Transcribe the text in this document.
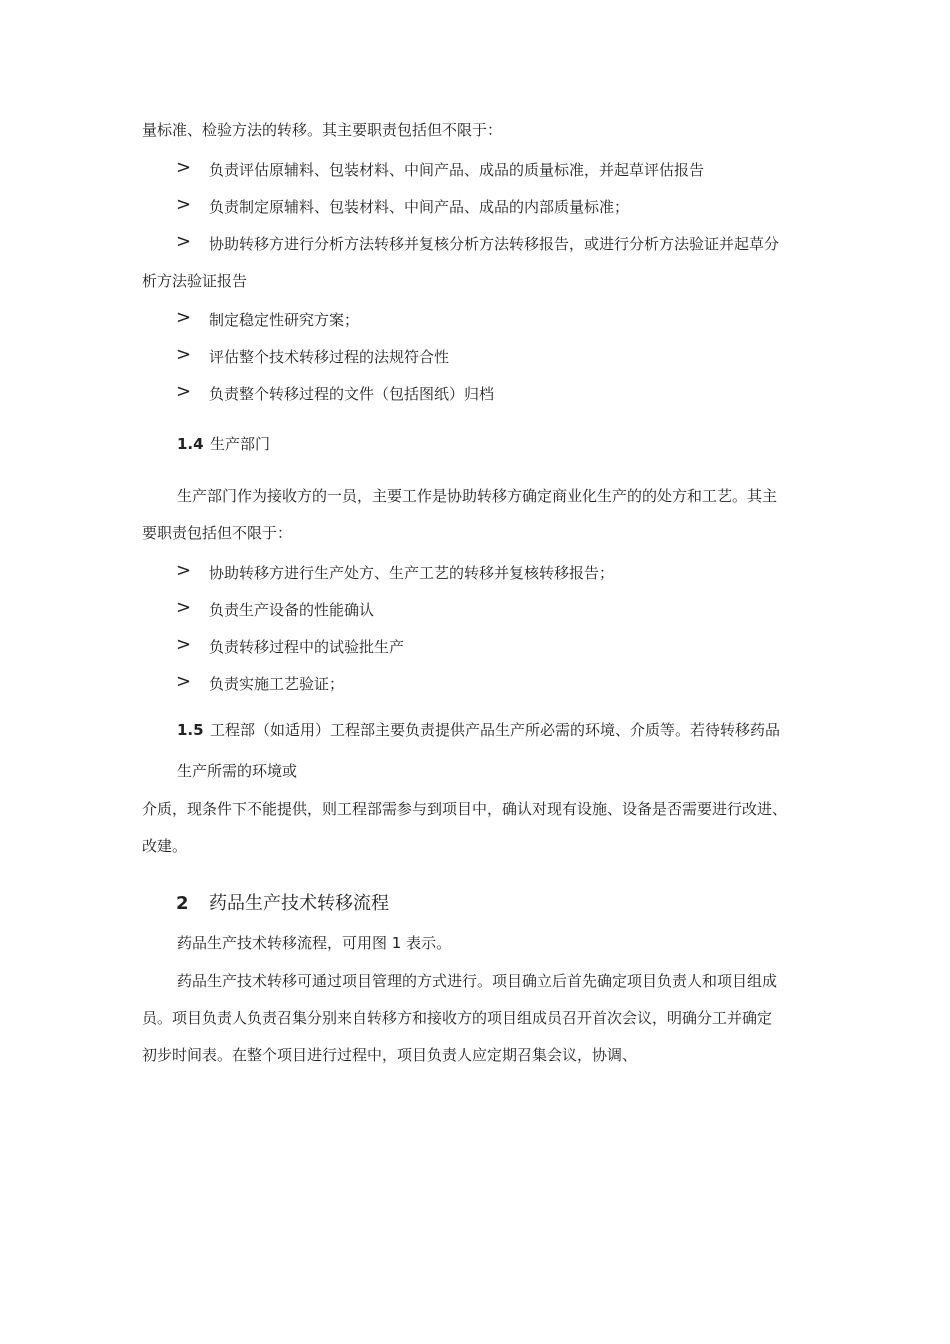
量标准、检验方法的转移。其主要职责包括但不限于：
> 负责评估原辅料、包装材料、中间产品、成品的质量标准，并起草评估报告
> 负责制定原辅料、包装材料、中间产品、成品的内部质量标准；
> 协助转移方进行分析方法转移并复核分析方法转移报告，或进行分析方法验证并起草分
析方法验证报告
> 制定稳定性研究方案；
> 评估整个技术转移过程的法规符合性
> 负责整个转移过程的文件（包括图纸）归档
1.4 生产部门
生产部门作为接收方的一员，主要工作是协助转移方确定商业化生产的的处方和工艺。其主
要职责包括但不限于：
> 协助转移方进行生产处方、生产工艺的转移并复核转移报告；
> 负责生产设备的性能确认
> 负责转移过程中的试验批生产
> 负责实施工艺验证；
1.5 工程部（如适用）工程部主要负责提供产品生产所必需的环境、介质等。若待转移药品
生产所需的环境或
介质，现条件下不能提供，则工程部需参与到项目中，确认对现有设施、设备是否需要进行改进、
改建。
2 药品生产技术转移流程
药品生产技术转移流程，可用图 1 表示。
药品生产技术转移可通过项目管理的方式进行。项目确立后首先确定项目负责人和项目组成
员。项目负责人负责召集分别来自转移方和接收方的项目组成员召开首次会议，明确分工并确定
初步时间表。在整个项目进行过程中，项目负责人应定期召集会议，协调、
